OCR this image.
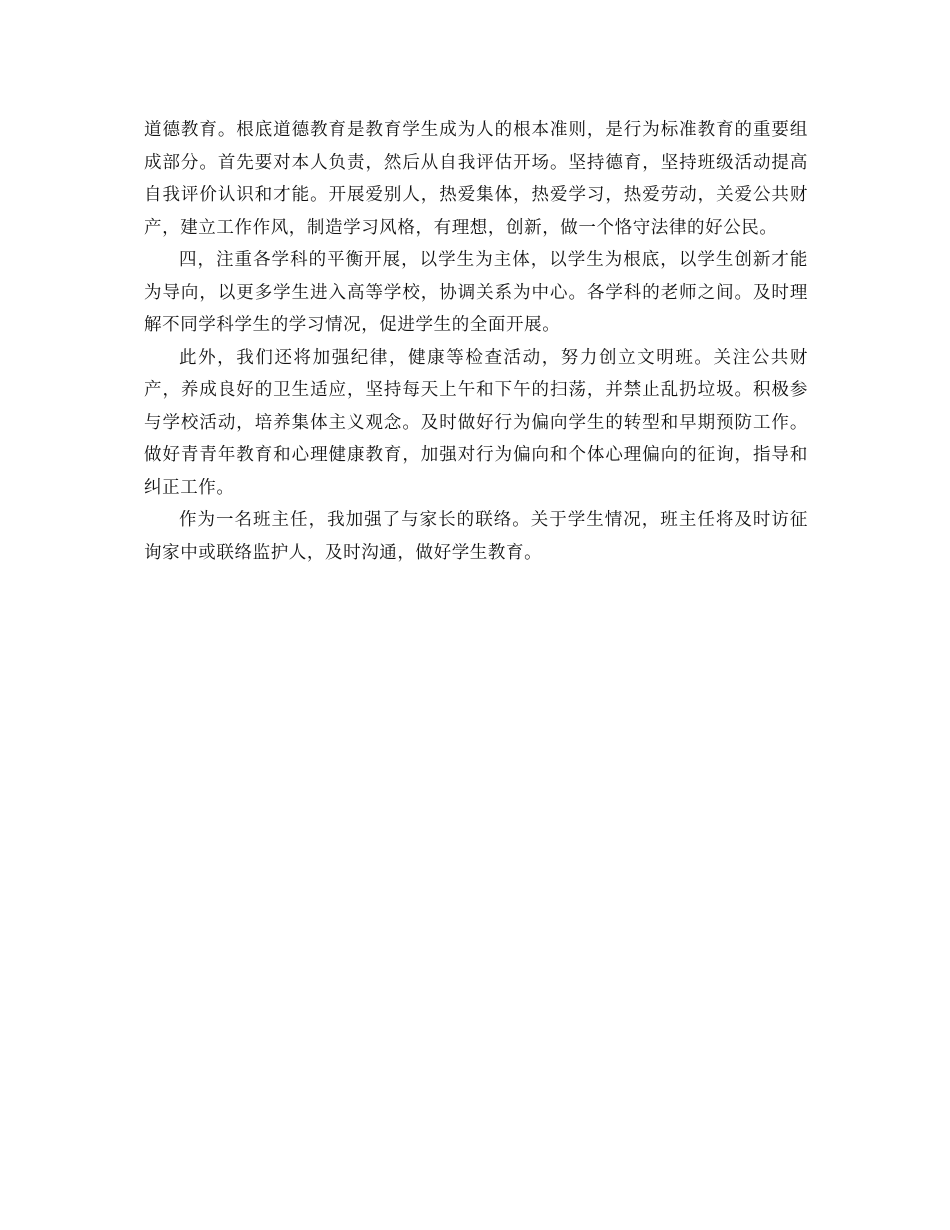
道德教育。根底道德教育是教育学生成为人的根本准则，是行为标准教育的重要组成部分。首先要对本人负责，然后从自我评估开场。坚持德育，坚持班级活动提高自我评价认识和才能。开展爱别人，热爱集体，热爱学习，热爱劳动，关爱公共财产，建立工作作风，制造学习风格，有理想，创新，做一个恪守法律的好公民。

四，注重各学科的平衡开展，以学生为主体，以学生为根底，以学生创新才能为导向，以更多学生进入高等学校，协调关系为中心。各学科的老师之间。及时理解不同学科学生的学习情况，促进学生的全面开展。

此外，我们还将加强纪律，健康等检查活动，努力创立文明班。关注公共财产，养成良好的卫生适应，坚持每天上午和下午的扫荡，并禁止乱扔垃圾。积极参与学校活动，培养集体主义观念。及时做好行为偏向学生的转型和早期预防工作。做好青青年教育和心理健康教育，加强对行为偏向和个体心理偏向的征询，指导和纠正工作。

作为一名班主任，我加强了与家长的联络。关于学生情况，班主任将及时访征询家中或联络监护人，及时沟通，做好学生教育。
